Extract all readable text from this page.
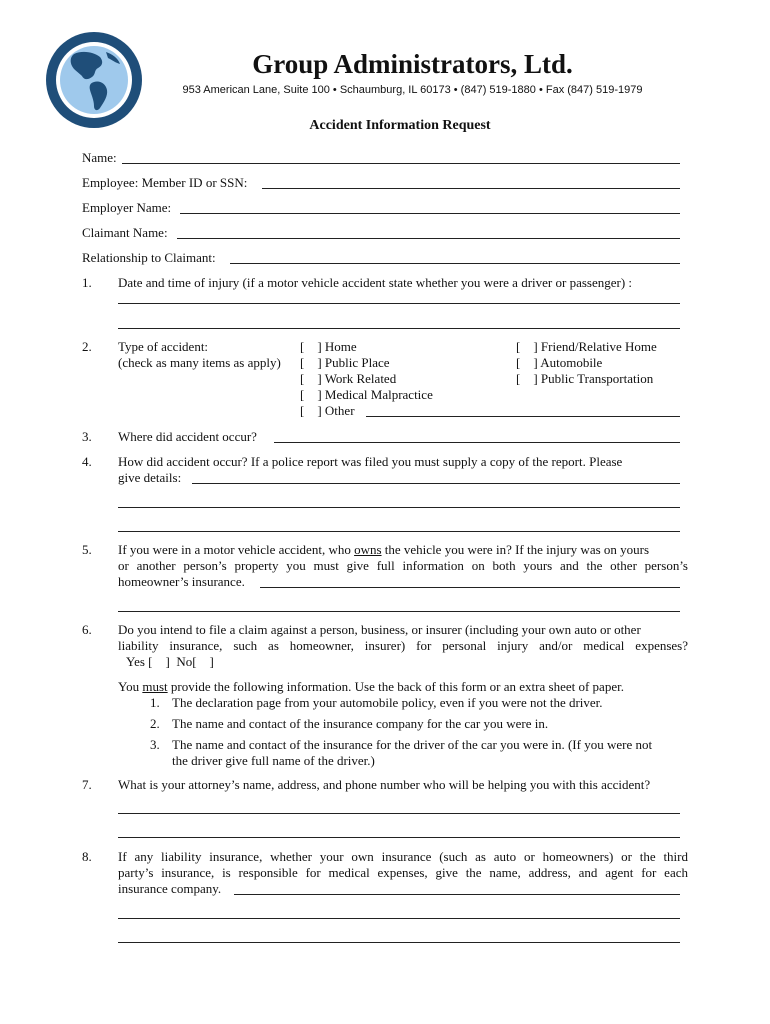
Group Administrators, Ltd.
953 American Lane, Suite 100 • Schaumburg, IL 60173 • (847) 519-1880 • Fax (847) 519-1979
Accident Information Request
Name:
Employee: Member ID or SSN:
Employer Name:
Claimant Name:
Relationship to Claimant:
1. Date and time of injury (if a motor vehicle accident state whether you were a driver or passenger) :
2. Type of accident:
(check as many items as apply)
[    ] Home
[    ] Public Place
[    ] Work Related
[    ] Medical Malpractice
[    ] Other
[    ] Friend/Relative Home
[    ] Automobile
[    ] Public Transportation
3. Where did accident occur?
4. How did accident occur? If a police report was filed you must supply a copy of the report. Please
give details:
5. If you were in a motor vehicle accident, who owns the vehicle you were in? If the injury was on yours
or another person’s property you must give full information on both yours and the other person’s
homeowner’s insurance.
6. Do you intend to file a claim against a person, business, or insurer (including your own auto or other
liability insurance, such as homeowner, insurer) for personal injury and/or medical expenses?
Yes [    ]  No[    ]
You must provide the following information. Use the back of this form or an extra sheet of paper.
1. The declaration page from your automobile policy, even if you were not the driver.
2. The name and contact of the insurance company for the car you were in.
3. The name and contact of the insurance for the driver of the car you were in. (If you were not
the driver give full name of the driver.)
7. What is your attorney’s name, address, and phone number who will be helping you with this accident?
8. If any liability insurance, whether your own insurance (such as auto or homeowners) or the third
party’s insurance, is responsible for medical expenses, give the name, address, and agent for each
insurance company.
